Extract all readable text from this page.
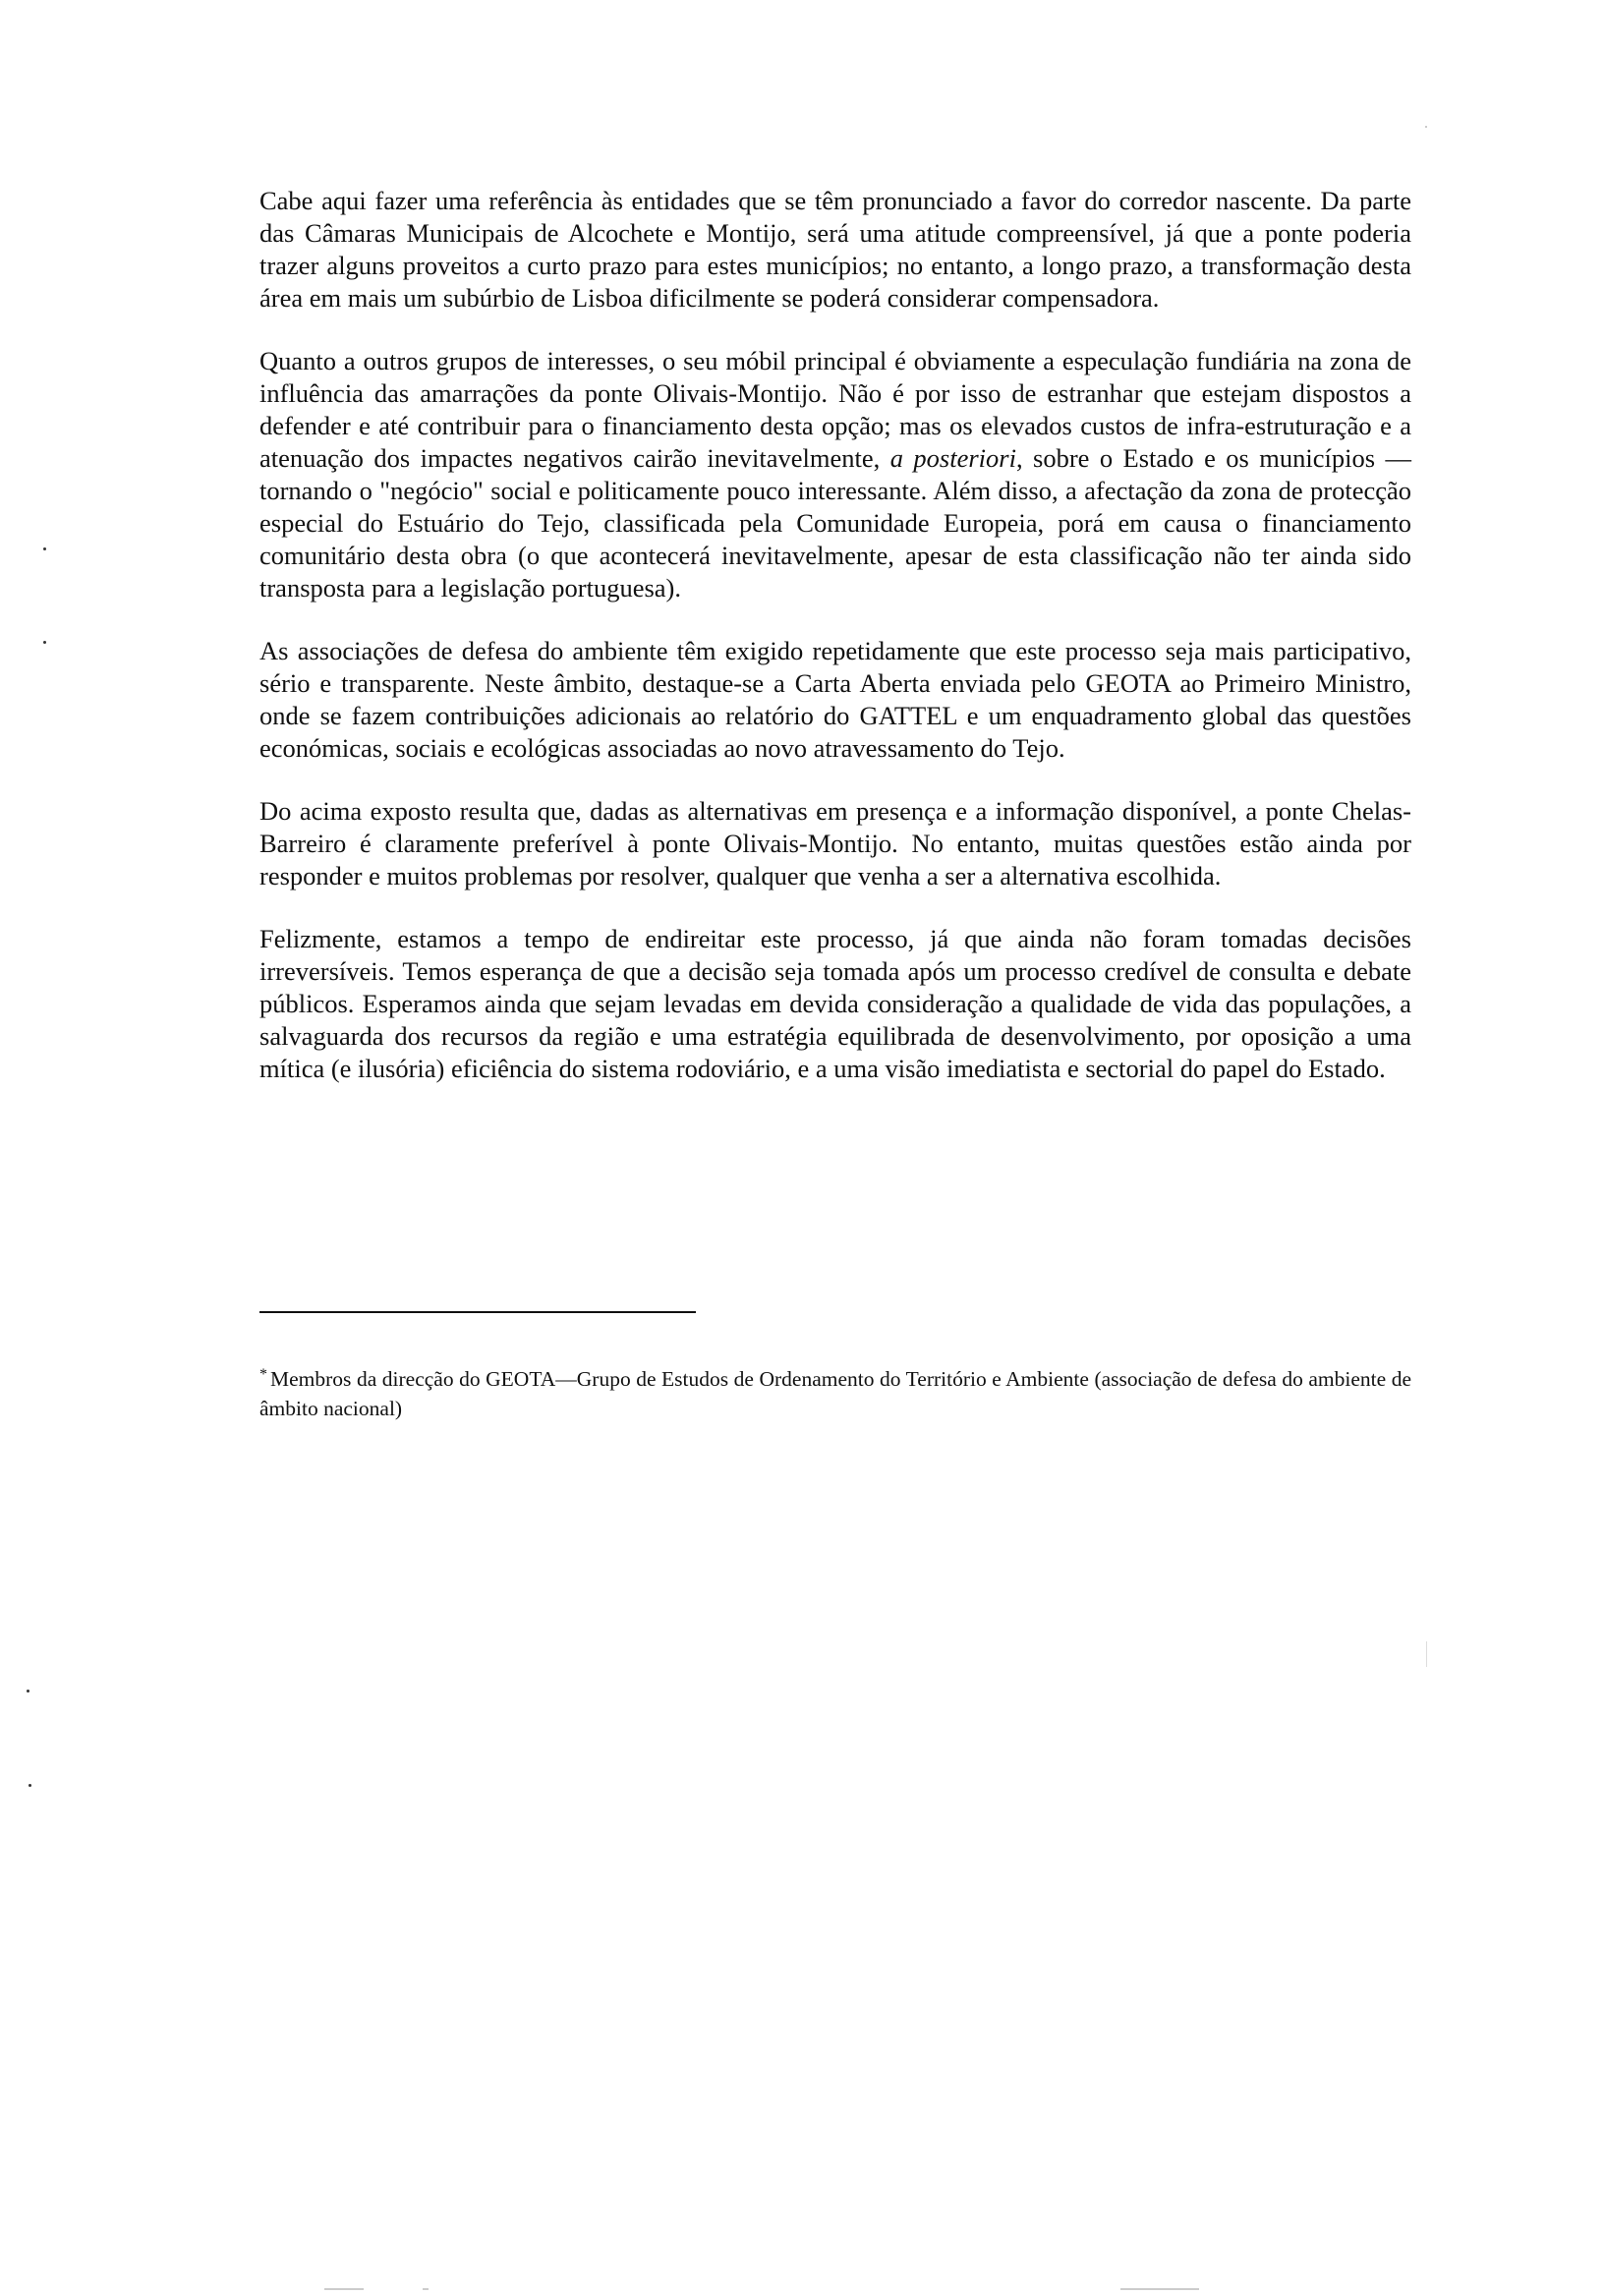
Cabe aqui fazer uma referência às entidades que se têm pronunciado a favor do corredor nascente. Da parte das Câmaras Municipais de Alcochete e Montijo, será uma atitude compreensível, já que a ponte poderia trazer alguns proveitos a curto prazo para estes municípios; no entanto, a longo prazo, a transformação desta área em mais um subúrbio de Lisboa dificilmente se poderá considerar compensadora.

Quanto a outros grupos de interesses, o seu móbil principal é obviamente a especulação fundiária na zona de influência das amarrações da ponte Olivais-Montijo. Não é por isso de estranhar que estejam dispostos a defender e até contribuir para o financiamento desta opção; mas os elevados custos de infra-estruturação e a atenuação dos impactes negativos cairão inevitavelmente, a posteriori, sobre o Estado e os municípios — tornando o "negócio" social e politicamente pouco interessante. Além disso, a afectação da zona de protecção especial do Estuário do Tejo, classificada pela Comunidade Europeia, porá em causa o financiamento comunitário desta obra (o que acontecerá inevitavelmente, apesar de esta classificação não ter ainda sido transposta para a legislação portuguesa).

As associações de defesa do ambiente têm exigido repetidamente que este processo seja mais participativo, sério e transparente. Neste âmbito, destaque-se a Carta Aberta enviada pelo GEOTA ao Primeiro Ministro, onde se fazem contribuições adicionais ao relatório do GATTEL e um enquadramento global das questões económicas, sociais e ecológicas associadas ao novo atravessamento do Tejo.

Do acima exposto resulta que, dadas as alternativas em presença e a informação disponível, a ponte Chelas-Barreiro é claramente preferível à ponte Olivais-Montijo. No entanto, muitas questões estão ainda por responder e muitos problemas por resolver, qualquer que venha a ser a alternativa escolhida.

Felizmente, estamos a tempo de endireitar este processo, já que ainda não foram tomadas decisões irreversíveis. Temos esperança de que a decisão seja tomada após um processo credível de consulta e debate públicos. Esperamos ainda que sejam levadas em devida consideração a qualidade de vida das populações, a salvaguarda dos recursos da região e uma estratégia equilibrada de desenvolvimento, por oposição a uma mítica (e ilusória) eficiência do sistema rodoviário, e a uma visão imediatista e sectorial do papel do Estado.

* Membros da direcção do GEOTA—Grupo de Estudos de Ordenamento do Território e Ambiente (associação de defesa do ambiente de âmbito nacional)
